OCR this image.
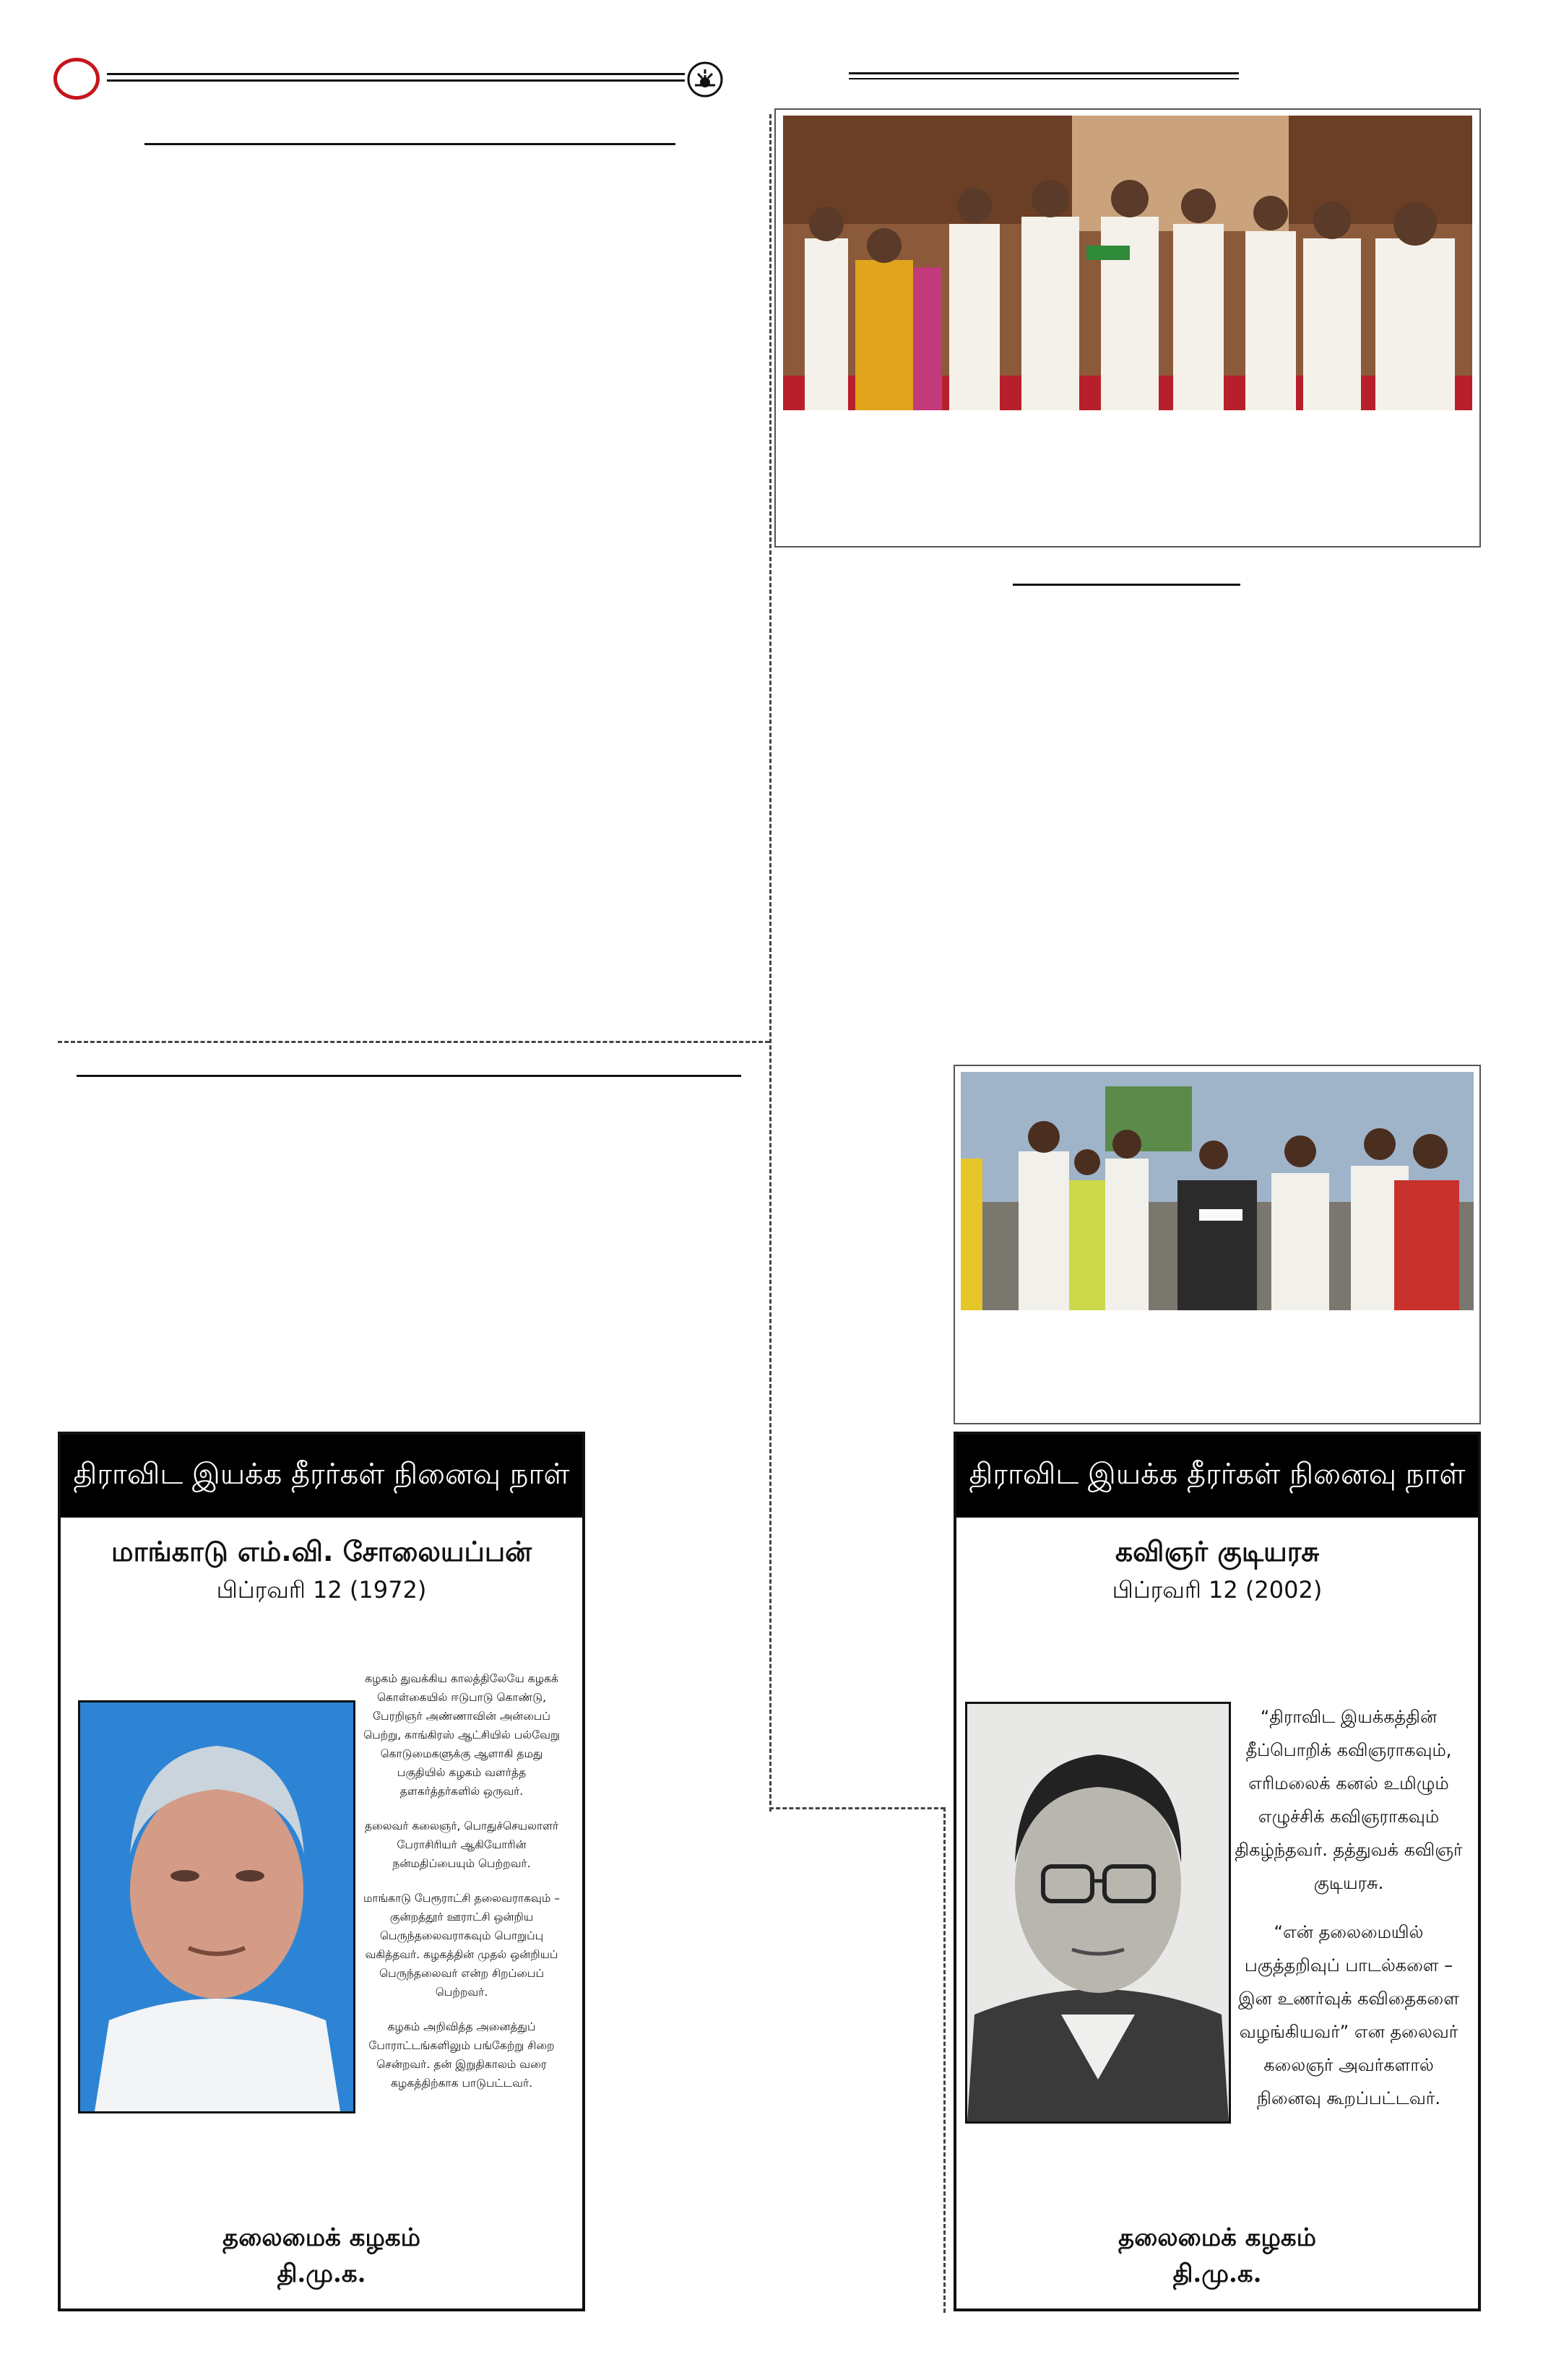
திராவிட இயக்க தீரர்கள் நினைவு நாள்
மாங்காடு எம்.வி. சோலையப்பன்
பிப்ரவரி 12 (1972)

கழகம் துவக்கிய காலத்திலேயே கழகக் கொள்கையில் ஈடுபாடு கொண்டு, பேரறிஞர் அண்ணாவின் அன்பைப் பெற்று, காங்கிரஸ் ஆட்சியில் பல்வேறு கொடுமைகளுக்கு ஆளாகி தமது பகுதியில் கழகம் வளர்த்த தளகர்த்தர்களில் ஒருவர்.

தலைவர் கலைஞர், பொதுச்செயலாளர் பேராசிரியர் ஆகியோரின் நன்மதிப்பையும் பெற்றவர்.

மாங்காடு பேரூராட்சி தலைவராகவும் – குன்றத்தூர் ஊராட்சி ஒன்றிய பெருந்தலைவராகவும் பொறுப்பு வகித்தவர். கழகத்தின் முதல் ஒன்றியப் பெருந்தலைவர் என்ற சிறப்பைப் பெற்றவர்.

கழகம் அறிவித்த அனைத்துப் போராட்டங்களிலும் பங்கேற்று சிறை சென்றவர். தன் இறுதிகாலம் வரை கழகத்திற்காக பாடுபட்டவர்.

தலைமைக் கழகம்
தி.மு.க.
திராவிட இயக்க தீரர்கள் நினைவு நாள்
கவிஞர் குடியரசு
பிப்ரவரி 12 (2002)

“திராவிட இயக்கத்தின் தீப்பொறிக் கவிஞராகவும், எரிமலைக் கனல் உமிழும் எழுச்சிக் கவிஞராகவும் திகழ்ந்தவர். தத்துவக் கவிஞர் குடியரசு.

“என் தலைமையில் பகுத்தறிவுப் பாடல்களை – இன உணர்வுக் கவிதைகளை வழங்கியவர்” என தலைவர் கலைஞர் அவர்களால் நினைவு கூறப்பட்டவர்.

தலைமைக் கழகம்
தி.மு.க.
